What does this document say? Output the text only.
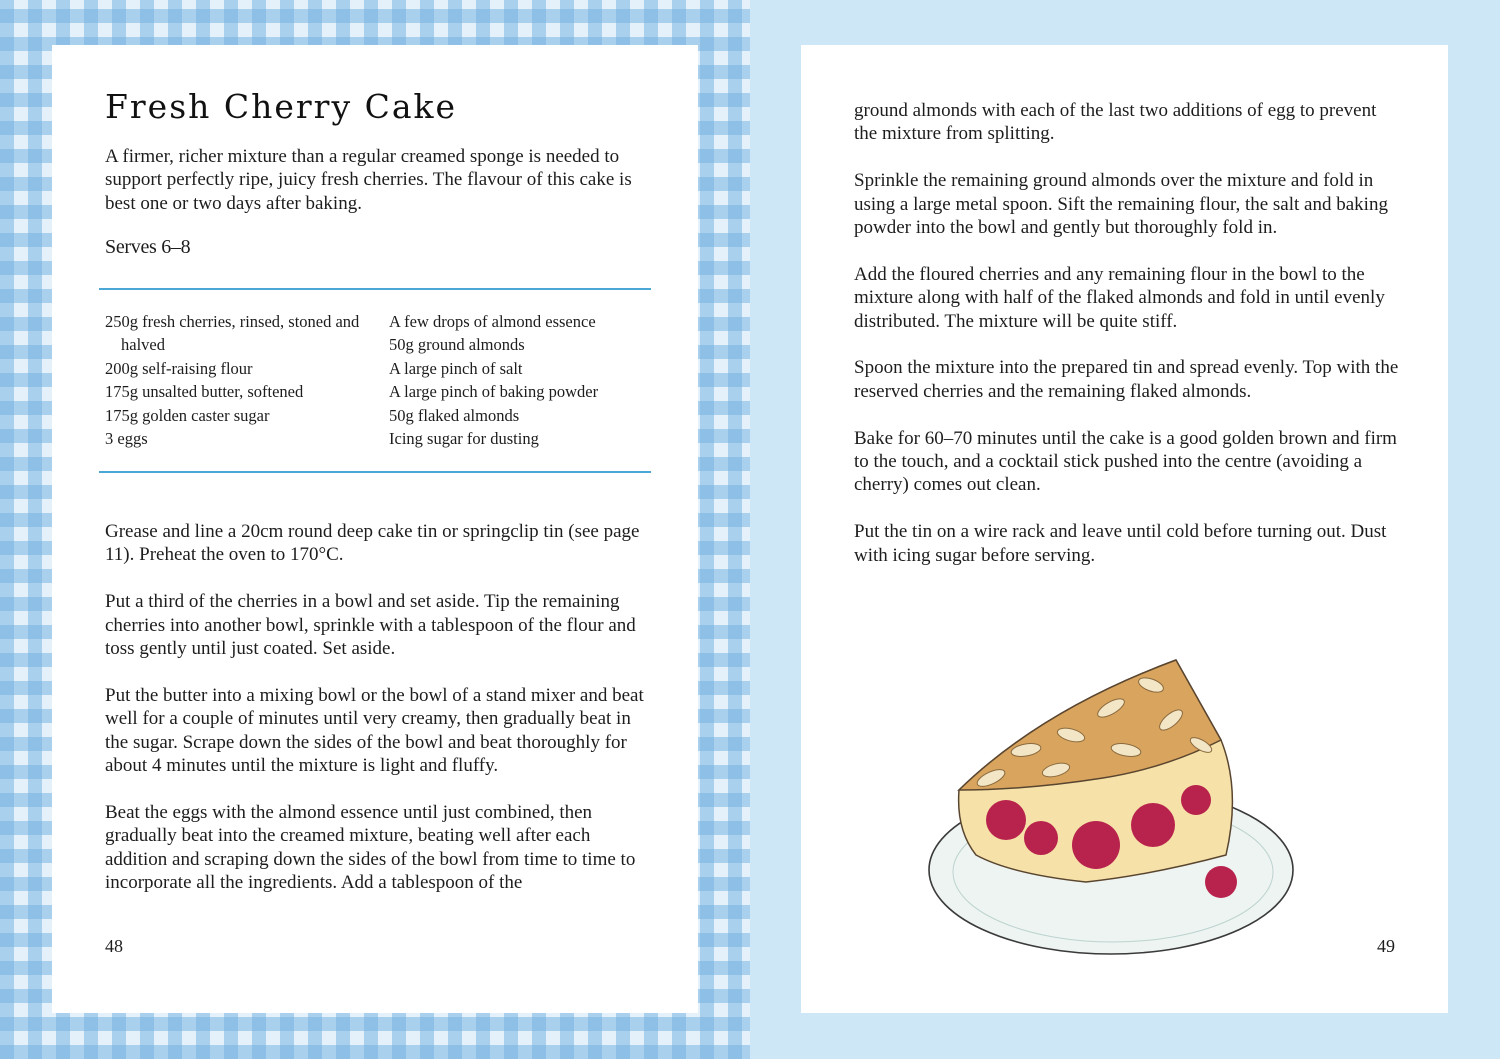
Fresh Cherry Cake

A firmer, richer mixture than a regular creamed sponge is needed to support perfectly ripe, juicy fresh cherries. The flavour of this cake is best one or two days after baking.

Serves 6–8
250g fresh cherries, rinsed, stoned and halved
200g self-raising flour
175g unsalted butter, softened
175g golden caster sugar
3 eggs
A few drops of almond essence
50g ground almonds
A large pinch of salt
A large pinch of baking powder
50g flaked almonds
Icing sugar for dusting

Grease and line a 20cm round deep cake tin or springclip tin (see page 11). Preheat the oven to 170°C.

Put a third of the cherries in a bowl and set aside. Tip the remaining cherries into another bowl, sprinkle with a tablespoon of the flour and toss gently until just coated. Set aside.

Put the butter into a mixing bowl or the bowl of a stand mixer and beat well for a couple of minutes until very creamy, then gradually beat in the sugar. Scrape down the sides of the bowl and beat thoroughly for about 4 minutes until the mixture is light and fluffy.

Beat the eggs with the almond essence until just combined, then gradually beat into the creamed mixture, beating well after each addition and scraping down the sides of the bowl from time to time to incorporate all the ingredients. Add a tablespoon of the

48

ground almonds with each of the last two additions of egg to prevent the mixture from splitting.

Sprinkle the remaining ground almonds over the mixture and fold in using a large metal spoon. Sift the remaining flour, the salt and baking powder into the bowl and gently but thoroughly fold in.

Add the floured cherries and any remaining flour in the bowl to the mixture along with half of the flaked almonds and fold in until evenly distributed. The mixture will be quite stiff.

Spoon the mixture into the prepared tin and spread evenly. Top with the reserved cherries and the remaining flaked almonds.

Bake for 60–70 minutes until the cake is a good golden brown and firm to the touch, and a cocktail stick pushed into the centre (avoiding a cherry) comes out clean.

Put the tin on a wire rack and leave until cold before turning out. Dust with icing sugar before serving.

49
